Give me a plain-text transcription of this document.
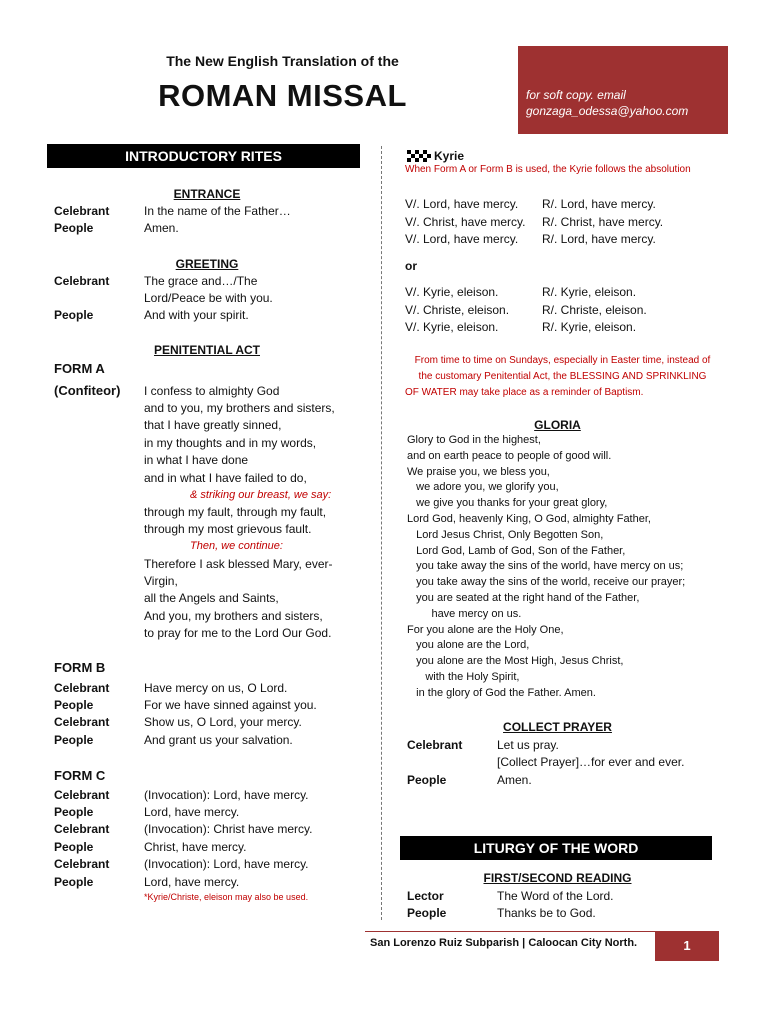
The New English Translation of the
ROMAN MISSAL	for soft copy. email
gonzaga_odessa@yahoo.com
INTRODUCTORY RITES
ENTRANCE
Celebrant	In the name of the Father…
People	Amen.
GREETING
Celebrant	The grace and…/The
Lord/Peace be with you.
People	And with your spirit.
PENITENTIAL ACT
FORM A
(Confiteor) I confess to almighty God
and to you, my brothers and sisters,
that I have greatly sinned,
in my thoughts and in my words,
in what I have done
and in what I have failed to do,
& striking our breast, we say:
through my fault, through my fault,
through my most grievous fault.
Then, we continue:
Therefore I ask blessed Mary, ever-
Virgin,
all the Angels and Saints,
And you, my brothers and sisters,
to pray for me to the Lord Our God.
FORM B
Celebrant	Have mercy on us, O Lord.
People	For we have sinned against you.
Celebrant	Show us, O Lord, your mercy.
People	And grant us your salvation.
FORM C
Celebrant	(Invocation): Lord, have mercy.
People	Lord, have mercy.
Celebrant	(Invocation): Christ have mercy.
People	Christ, have mercy.
Celebrant	(Invocation): Lord, have mercy.
People	Lord, have mercy.
*Kyrie/Christe, eleison may also be used.
Kyrie
When Form A or Form B is used, the Kyrie follows the absolution
V/. Lord, have mercy. R/. Lord, have mercy.
V/. Christ, have mercy. R/. Christ, have mercy.
V/. Lord, have mercy. R/. Lord, have mercy.
or
V/. Kyrie, eleison.	R/. Kyrie, eleison.
V/. Christe, eleison.	R/. Christe, eleison.
V/. Kyrie, eleison.	R/. Kyrie, eleison.
From time to time on Sundays, especially in Easter time, instead of
the customary Penitential Act, the BLESSING AND SPRINKLING
OF WATER may take place as a reminder of Baptism.
GLORIA
Glory to God in the highest,
and on earth peace to people of good will.
We praise you, we bless you,
we adore you, we glorify you,
we give you thanks for your great glory,
Lord God, heavenly King, O God, almighty Father,
Lord Jesus Christ, Only Begotten Son,
Lord God, Lamb of God, Son of the Father,
you take away the sins of the world, have mercy on us;
you take away the sins of the world, receive our prayer;
you are seated at the right hand of the Father,
have mercy on us.
For you alone are the Holy One,
you alone are the Lord,
you alone are the Most High, Jesus Christ,
with the Holy Spirit,
in the glory of God the Father. Amen.
COLLECT PRAYER
Celebrant	Let us pray.
[Collect Prayer]…for ever and ever.
People	Amen.
LITURGY OF THE WORD
FIRST/SECOND READING
Lector	The Word of the Lord.
People	Thanks be to God.
San Lorenzo Ruiz Subparish | Caloocan City North.	1
